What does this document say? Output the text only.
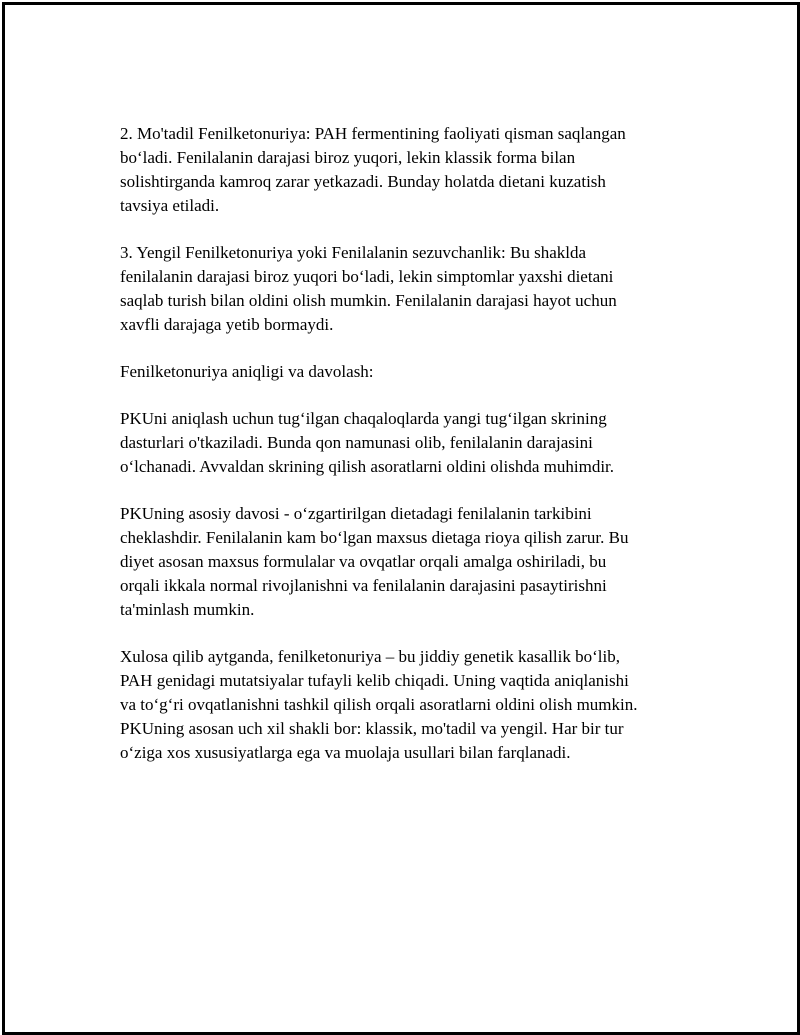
2. Mo'tadil Fenilketonuriya: PAH fermentining faoliyati qisman saqlangan
bo‘ladi. Fenilalanin darajasi biroz yuqori, lekin klassik forma bilan
solishtirganda kamroq zarar yetkazadi. Bunday holatda dietani kuzatish
tavsiya etiladi.

3. Yengil Fenilketonuriya yoki Fenilalanin sezuvchanlik: Bu shaklda
fenilalanin darajasi biroz yuqori bo‘ladi, lekin simptomlar yaxshi dietani
saqlab turish bilan oldini olish mumkin. Fenilalanin darajasi hayot uchun
xavfli darajaga yetib bormaydi.

Fenilketonuriya aniqligi va davolash:

PKUni aniqlash uchun tug‘ilgan chaqaloqlarda yangi tug‘ilgan skrining
dasturlari o'tkaziladi. Bunda qon namunasi olib, fenilalanin darajasini
o‘lchanadi. Avvaldan skrining qilish asoratlarni oldini olishda muhimdir.

PKUning asosiy davosi - o‘zgartirilgan dietadagi fenilalanin tarkibini
cheklashdir. Fenilalanin kam bo‘lgan maxsus dietaga rioya qilish zarur. Bu
diyet asosan maxsus formulalar va ovqatlar orqali amalga oshiriladi, bu
orqali ikkala normal rivojlanishni va fenilalanin darajasini pasaytirishni
ta'minlash mumkin.

Xulosa qilib aytganda, fenilketonuriya – bu jiddiy genetik kasallik bo‘lib,
PAH genidagi mutatsiyalar tufayli kelib chiqadi. Uning vaqtida aniqlanishi
va to‘g‘ri ovqatlanishni tashkil qilish orqali asoratlarni oldini olish mumkin.
PKUning asosan uch xil shakli bor: klassik, mo'tadil va yengil. Har bir tur
o‘ziga xos xususiyatlarga ega va muolaja usullari bilan farqlanadi.
